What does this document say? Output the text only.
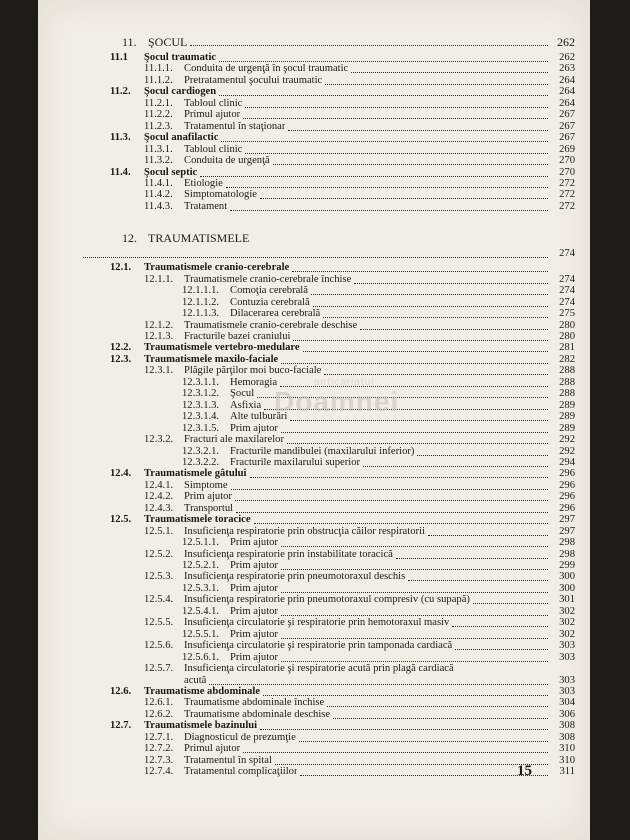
11. ŞOCUL	262
11.1	Şocul traumatic	262
11.1.1.	Conduita de urgenţă în şocul traumatic	263
11.1.2.	Pretratamentul şocului traumatic	264
11.2.	Şocul cardiogen	264
11.2.1.	Tabloul clinic	264
11.2.2.	Primul ajutor	267
11.2.3.	Tratamentul în staţionar	267
11.3.	Şocul anafilactic	267
11.3.1.	Tabloul clinic	269
11.3.2.	Conduita de urgenţă	270
11.4.	Şocul septic	270
11.4.1.	Etiologie	272
11.4.2.	Simptomatologie	272
11.4.3.	Tratament	272
12. TRAUMATISMELE
274
12.1.	Traumatismele cranio-cerebrale
12.1.1.	Traumatismele cranio-cerebrale închise	274
12.1.1.1.	Comoţia cerebrală	274
12.1.1.2.	Contuzia cerebrală	274
12.1.1.3.	Dilacerarea cerebrală	275
12.1.2.	Traumatismele cranio-cerebrale deschise	280
12.1.3.	Fracturile bazei craniului	280
12.2.	Traumatismele vertebro-medulare	281
12.3.	Traumatismele maxilo-faciale	282
12.3.1.	Plăgile părţilor moi buco-faciale	288
12.3.1.1.	Hemoragia	288
12.3.1.2.	Şocul	288
12.3.1.3.	Asfixia	289
12.3.1.4.	Alte tulburări	289
12.3.1.5.	Prim ajutor	289
12.3.2.	Fracturi ale maxilarelor	292
12.3.2.1.	Fracturile mandibulei (maxilarului inferior)	292
12.3.2.2.	Fracturile maxilarului superior	294
12.4.	Traumatismele gâtului	296
12.4.1.	Simptome	296
12.4.2.	Prim ajutor	296
12.4.3.	Transportul	296
12.5.	Traumatismele toracice	297
12.5.1.	Insuficienţa respiratorie prin obstrucţia căilor respiratorii	297
12.5.1.1.	Prim ajutor	298
12.5.2.	Insuficienţa respiratorie prin instabilitate toracică	298
12.5.2.1.	Prim ajutor	299
12.5.3.	Insuficienţa respiratorie prin pneumotoraxul deschis	300
12.5.3.1.	Prim ajutor	300
12.5.4.	Insuficienţa respiratorie prin pneumotoraxul compresiv (cu supapă)	301
12.5.4.1.	Prim ajutor	302
12.5.5.	Insuficienţa circulatorie şi respiratorie prin hemotoraxul masiv	302
12.5.5.1.	Prim ajutor	302
12.5.6.	Insuficienţa circulatorie şi respiratorie prin tamponada cardiacă	303
12.5.6.1.	Prim ajutor	303
12.5.7.	Insuficienţa circulatorie şi respiratorie acută prin plagă cardiacă
acută	303
12.6.	Traumatisme abdominale	303
12.6.1.	Traumatisme abdominale închise	304
12.6.2.	Traumatisme abdominale deschise	306
12.7.	Traumatismele bazinului	308
12.7.1.	Diagnosticul de prezumţie	308
12.7.2.	Primul ajutor	310
12.7.3.	Tratamentul în spital	310
12.7.4.	Tratamentul complicaţiilor	311
anticariatul
Doamnei
15
